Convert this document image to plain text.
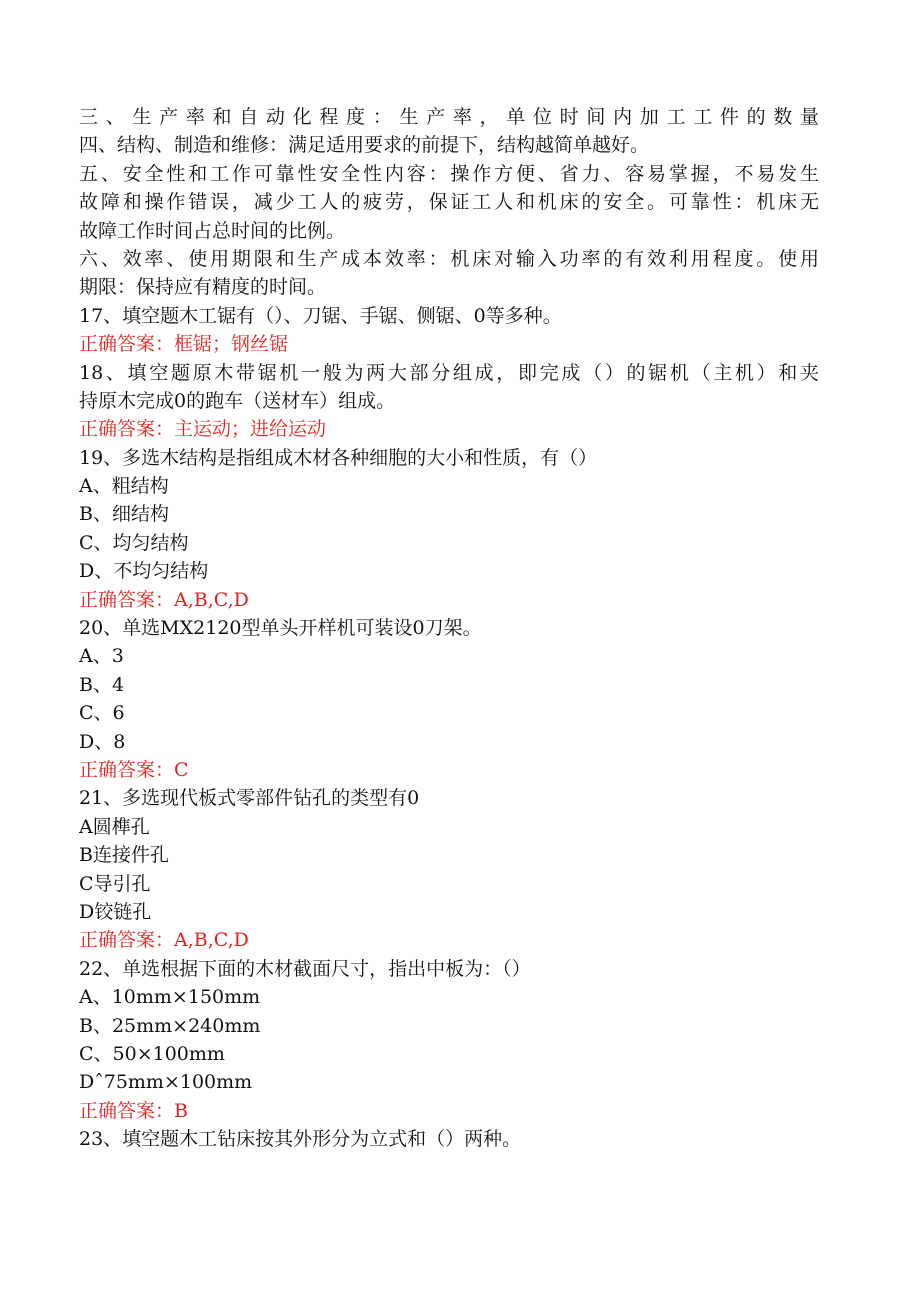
三、生产率和自动化程度：生产率，单位时间内加工工件的数量
四、结构、制造和维修：满足适用要求的前提下，结构越简单越好。
五、安全性和工作可靠性安全性内容：操作方便、省力、容易掌握，不易发生
故障和操作错误，减少工人的疲劳，保证工人和机床的安全。可靠性：机床无
故障工作时间占总时间的比例。
六、效率、使用期限和生产成本效率：机床对输入功率的有效利用程度。使用
期限：保持应有精度的时间。
17、填空题木工锯有（）、刀锯、手锯、侧锯、0等多种。
正确答案：框锯；钢丝锯
18、填空题原木带锯机一般为两大部分组成，即完成（）的锯机（主机）和夹
持原木完成0的跑车（送材车）组成。
正确答案：主运动；进给运动
19、多选木结构是指组成木材各种细胞的大小和性质，有（）
A、粗结构
B、细结构
C、均匀结构
D、不均匀结构
正确答案：A,B,C,D
20、单选MX2120型单头开样机可装设0刀架。
A、3
B、4
C、6
D、8
正确答案：C
21、多选现代板式零部件钻孔的类型有0
A圆榫孔
B连接件孔
C导引孔
D铰链孔
正确答案：A,B,C,D
22、单选根据下面的木材截面尺寸，指出中板为：（）
A、10mm×150mm
B、25mm×240mm
C、50×100mm
Dˆ75mm×100mm
正确答案：B
23、填空题木工钻床按其外形分为立式和（）两种。
